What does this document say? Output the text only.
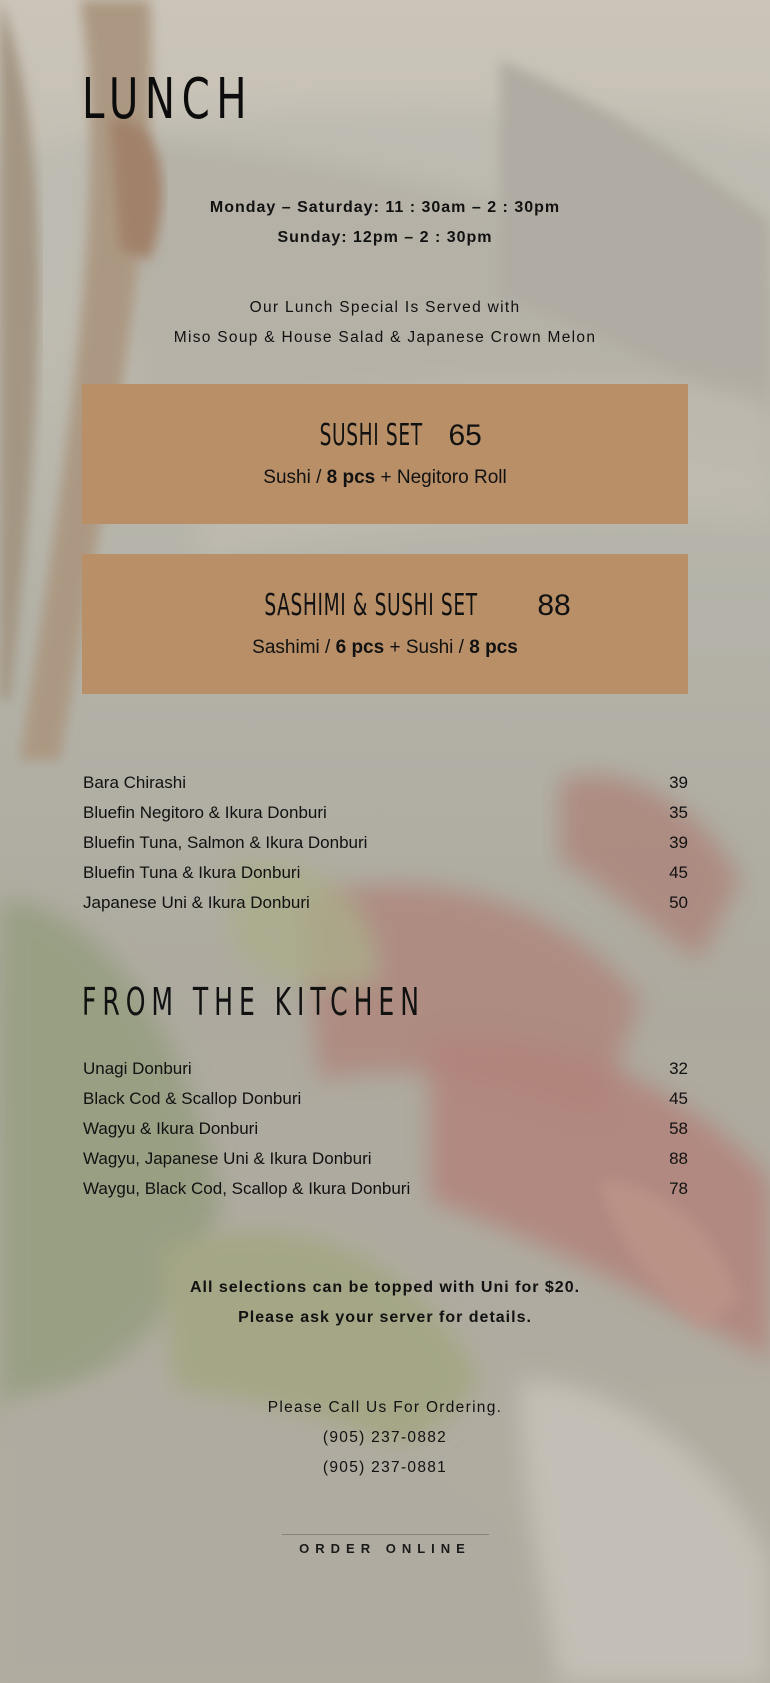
LUNCH
Monday – Saturday: 11 : 30am – 2 : 30pm
Sunday: 12pm – 2 : 30pm
Our Lunch Special Is Served with
Miso Soup & House Salad & Japanese Crown Melon
SUSHI SET 65
Sushi / 8 pcs + Negitoro Roll
SASHIMI & SUSHI SET 88
Sashimi / 6 pcs + Sushi / 8 pcs
Bara Chirashi	39
Bluefin Negitoro & Ikura Donburi	35
Bluefin Tuna, Salmon & Ikura Donburi	39
Bluefin Tuna & Ikura Donburi	45
Japanese Uni & Ikura Donburi	50
FROM THE KITCHEN
Unagi Donburi	32
Black Cod & Scallop Donburi	45
Wagyu & Ikura Donburi	58
Wagyu, Japanese Uni & Ikura Donburi	88
Waygu, Black Cod, Scallop & Ikura Donburi	78
All selections can be topped with Uni for $20.
Please ask your server for details.
Please Call Us For Ordering.
(905) 237-0882
(905) 237-0881
ORDER ONLINE
